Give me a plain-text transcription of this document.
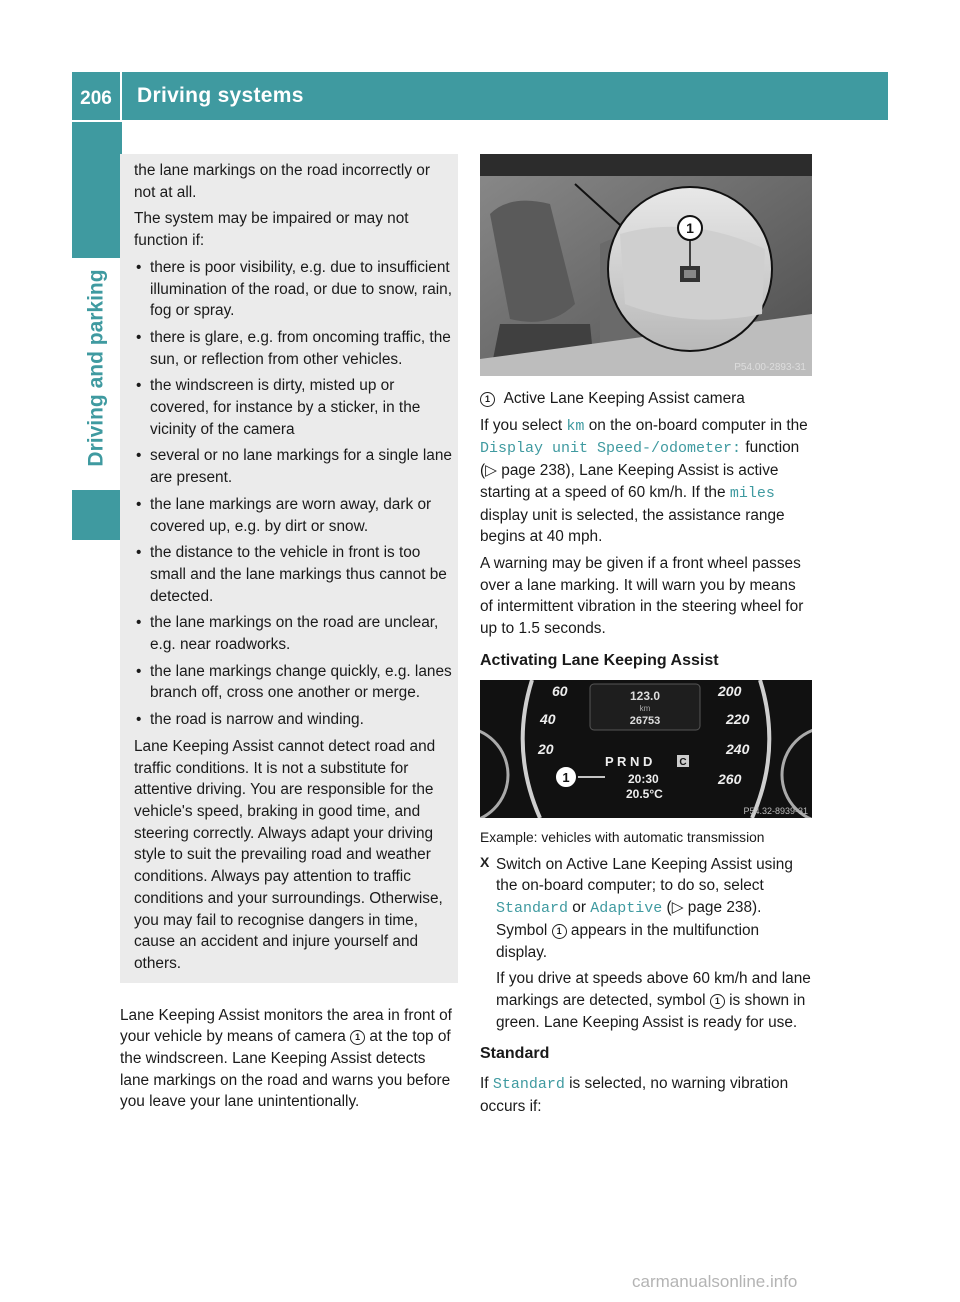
206	Driving systems
Driving and parking

the lane markings on the road incorrectly or not at all.

The system may be impaired or may not function if:

• there is poor visibility, e.g. due to insufficient illumination of the road, or due to snow, rain, fog or spray.
• there is glare, e.g. from oncoming traffic, the sun, or reflection from other vehicles.
• the windscreen is dirty, misted up or covered, for instance by a sticker, in the vicinity of the camera
• several or no lane markings for a single lane are present.
• the lane markings are worn away, dark or covered up, e.g. by dirt or snow.
• the distance to the vehicle in front is too small and the lane markings thus cannot be detected.
• the lane markings on the road are unclear, e.g. near roadworks.
• the lane markings change quickly, e.g. lanes branch off, cross one another or merge.
• the road is narrow and winding.

Lane Keeping Assist cannot detect road and traffic conditions. It is not a substitute for attentive driving. You are responsible for the vehicle's speed, braking in good time, and steering correctly. Always adapt your driving style to suit the prevailing road and weather conditions. Always pay attention to traffic conditions and your surroundings. Otherwise, you may fail to recognise dangers in time, cause an accident and injure yourself and others.

Lane Keeping Assist monitors the area in front of your vehicle by means of camera 1 at the top of the windscreen. Lane Keeping Assist detects lane markings on the road and warns you before you leave your lane unintentionally.

1
P54.00-2893-31

1 Active Lane Keeping Assist camera

If you select km on the on-board computer in the Display unit Speed-/odometer: function (▷ page 238), Lane Keeping Assist is active starting at a speed of 60 km/h. If the miles display unit is selected, the assistance range begins at 40 mph.

A warning may be given if a front wheel passes over a lane marking. It will warn you by means of intermittent vibration in the steering wheel for up to 1.5 seconds.

Activating Lane Keeping Assist
123.0
km
26753
60
40
20
200
220
240
260
P R N D	C
20:30
20.5°C
1
P54.32-8939-31

Example: vehicles with automatic transmission

X Switch on Active Lane Keeping Assist using the on-board computer; to do so, select Standard or Adaptive (▷ page 238).
Symbol 1 appears in the multifunction display.

If you drive at speeds above 60 km/h and lane markings are detected, symbol 1 is shown in green. Lane Keeping Assist is ready for use.

Standard

If Standard is selected, no warning vibration occurs if:

carmanualsonline.info
